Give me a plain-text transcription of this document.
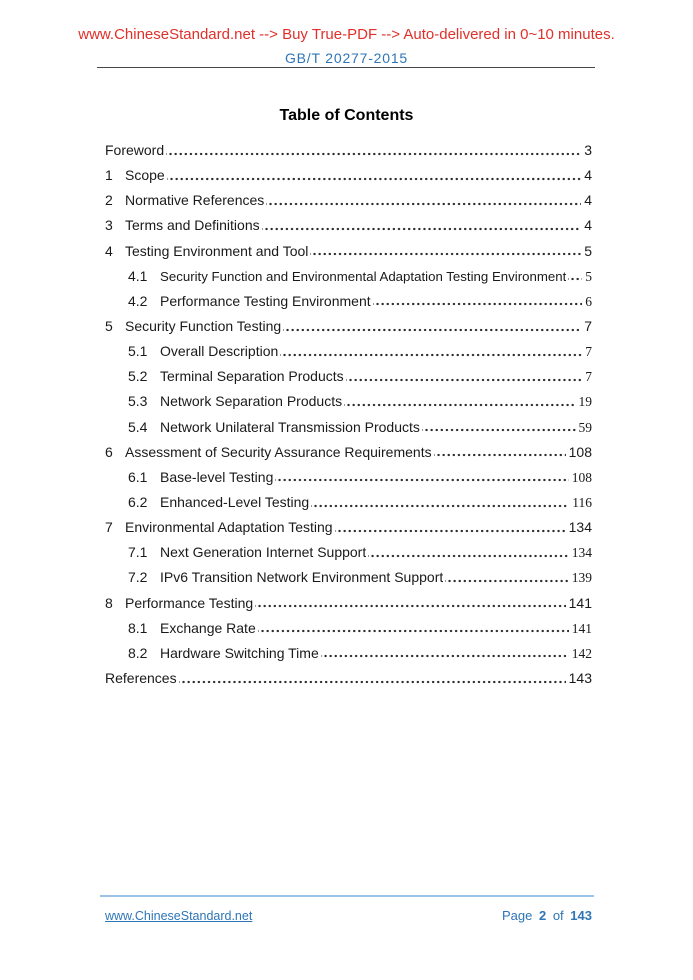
www.ChineseStandard.net --> Buy True-PDF --> Auto-delivered in 0~10 minutes.
GB/T 20277-2015
Table of Contents
Foreword	3
1 Scope	4
2 Normative References	4
3 Terms and Definitions	4
4 Testing Environment and Tool	5
4.1 Security Function and Environmental Adaptation Testing Environment 5
4.2 Performance Testing Environment	6
5 Security Function Testing	7
5.1 Overall Description	7
5.2 Terminal Separation Products	7
5.3 Network Separation Products	19
5.4 Network Unilateral Transmission Products	59
6 Assessment of Security Assurance Requirements	108
6.1 Base-level Testing	108
6.2 Enhanced-Level Testing	116
7 Environmental Adaptation Testing	134
7.1 Next Generation Internet Support	134
7.2 IPv6 Transition Network Environment Support	139
8 Performance Testing	141
8.1 Exchange Rate	141
8.2 Hardware Switching Time	142
References	143
www.ChineseStandard.net	Page 2 of 143
